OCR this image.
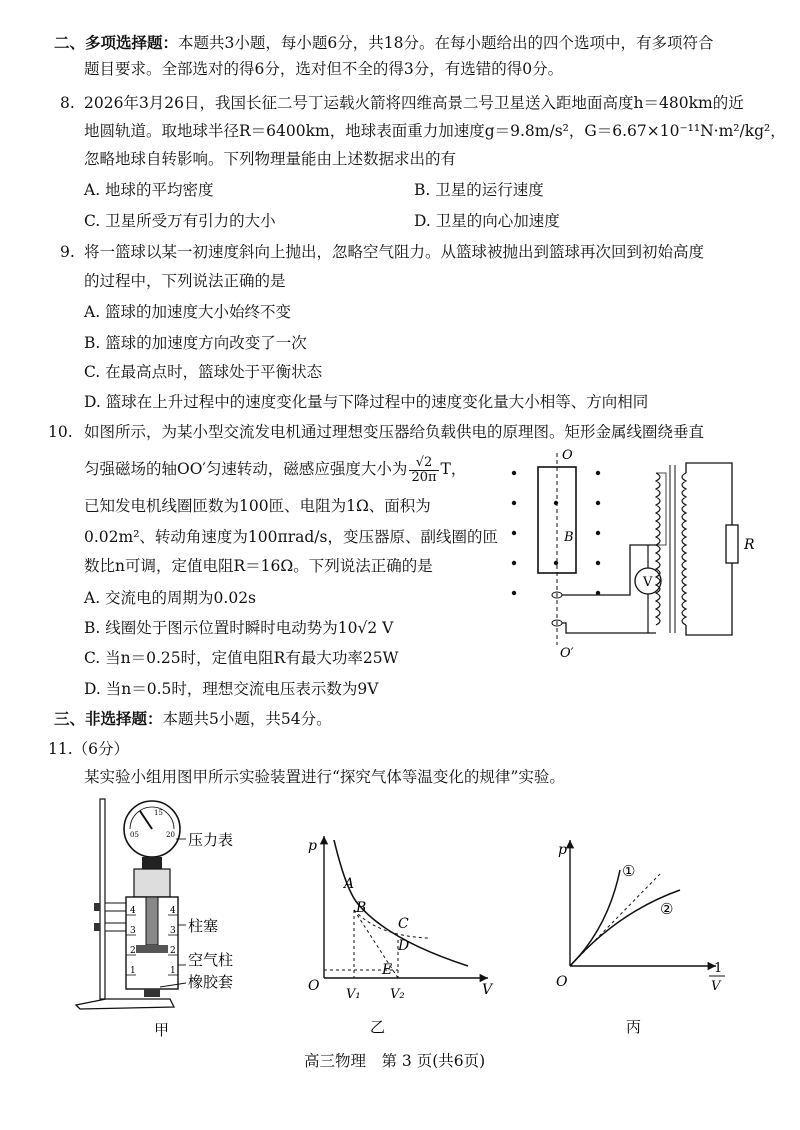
二、多项选择题：本题共3小题，每小题6分，共18分。在每小题给出的四个选项中，有多项符合
题目要求。全部选对的得6分，选对但不全的得3分，有选错的得0分。
8. 2026年3月26日，我国长征二号丁运载火箭将四维高景二号卫星送入距地面高度h＝480km的近
地圆轨道。取地球半径R＝6400km，地球表面重力加速度g＝9.8m/s²，G＝6.67×10⁻¹¹N·m²/kg²，
忽略地球自转影响。下列物理量能由上述数据求出的有
A. 地球的平均密度	B. 卫星的运行速度
C. 卫星所受万有引力的大小	D. 卫星的向心加速度
9. 将一篮球以某一初速度斜向上抛出，忽略空气阻力。从篮球被抛出到篮球再次回到初始高度
的过程中，下列说法正确的是
A. 篮球的加速度大小始终不变
B. 篮球的加速度方向改变了一次
C. 在最高点时，篮球处于平衡状态
D. 篮球在上升过程中的速度变化量与下降过程中的速度变化量大小相等、方向相同
10. 如图所示，为某小型交流发电机通过理想变压器给负载供电的原理图。矩形金属线圈绕垂直
匀强磁场的轴OO′匀速转动，磁感应强度大小为 $\frac{√2}{20\pi}$ T，
已知发电机线圈匝数为100匝、电阻为1Ω、面积为
0.02m²、转动角速度为100πrad/s，变压器原、副线圈的匝
数比n可调，定值电阻R＝16Ω。下列说法正确的是
A. 交流电的周期为0.02s
B. 线圈处于图示位置时瞬时电动势为10√2 V
C. 当n＝0.25时，定值电阻R有最大功率25W
D. 当n＝0.5时，理想交流电压表示数为9V
O
B
O′
V
R
三、非选择题：本题共5小题，共54分。
11.（6分）
某实验小组用图甲所示实验装置进行“探究气体等温变化的规律”实验。
05
15
20
4
3
2
1
4
3
2
1
压力表
柱塞
空气柱
橡胶套
甲
p
V
O
A
B
C
D
E
V₁ V₂
乙
p
O
①
②
1
V
丙
高三物理　第 3 页(共6页)
